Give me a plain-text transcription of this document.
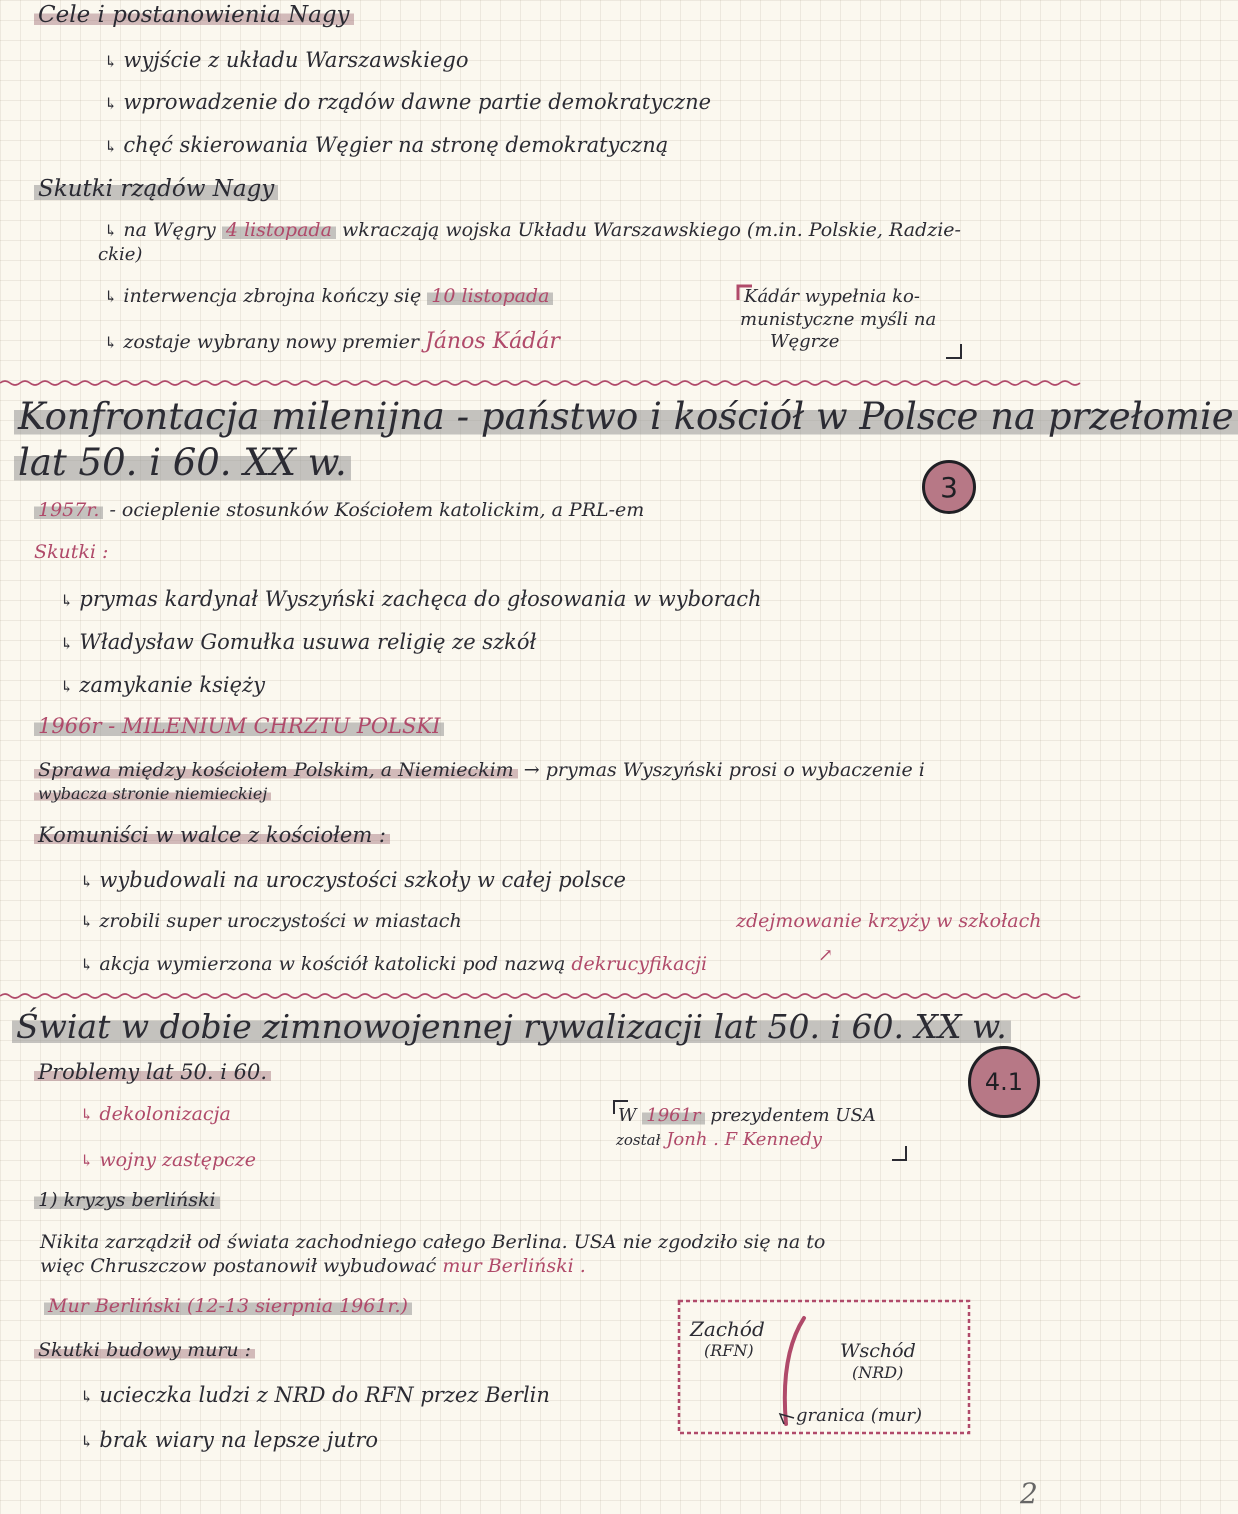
Cele i postanowienia Nagy
↳ wyjście z układu Warszawskiego
↳ wprowadzenie do rządów dawne partie demokratyczne
↳ chęć skierowania Węgier na stronę demokratyczną
Skutki rządów Nagy
↳ na Węgry 4 listopada wkraczają wojska Układu Warszawskiego (m.in. Polskie, Radzie-
ckie)
↳ interwencja zbrojna kończy się 10 listopada
↳ zostaje wybrany nowy premier János Kádár
Kádár wypełnia ko-
munistyczne myśli na
Węgrze
Konfrontacja milenijna - państwo i kościół w Polsce na przełomie
lat 50. i 60. XX w.
3
1957r. - ocieplenie stosunków Kościołem katolickim, a PRL-em
Skutki :
↳ prymas kardynał Wyszyński zachęca do głosowania w wyborach
↳ Władysław Gomułka usuwa religię ze szkół
↳ zamykanie księży
1966r - MILENIUM CHRZTU POLSKI
Sprawa między kościołem Polskim, a Niemieckim → prymas Wyszyński prosi o wybaczenie i
wybacza stronie niemieckiej
Komuniści w walce z kościołem :
↳ wybudowali na uroczystości szkoły w całej polsce
↳ zrobili super uroczystości w miastach	zdejmowanie krzyży w szkołach
↗
↳ akcja wymierzona w kościół katolicki pod nazwą dekrucyfikacji
Świat w dobie zimnowojennej rywalizacji lat 50. i 60. XX w.
4.1
Problemy lat 50. i 60.
↳ dekolonizacja
↳ wojny zastępcze
W 1961r prezydentem USA
został Jonh . F Kennedy
1) kryzys berliński
Nikita zarządził od świata zachodniego całego Berlina. USA nie zgodziło się na to
więc Chruszczow postanowił wybudować mur Berliński .
Mur Berliński (12-13 sierpnia 1961r.)
Skutki budowy muru :
↳ ucieczka ludzi z NRD do RFN przez Berlin
↳ brak wiary na lepsze jutro
Zachód
(RFN)	Wschód
(NRD)
granica (mur)
2
